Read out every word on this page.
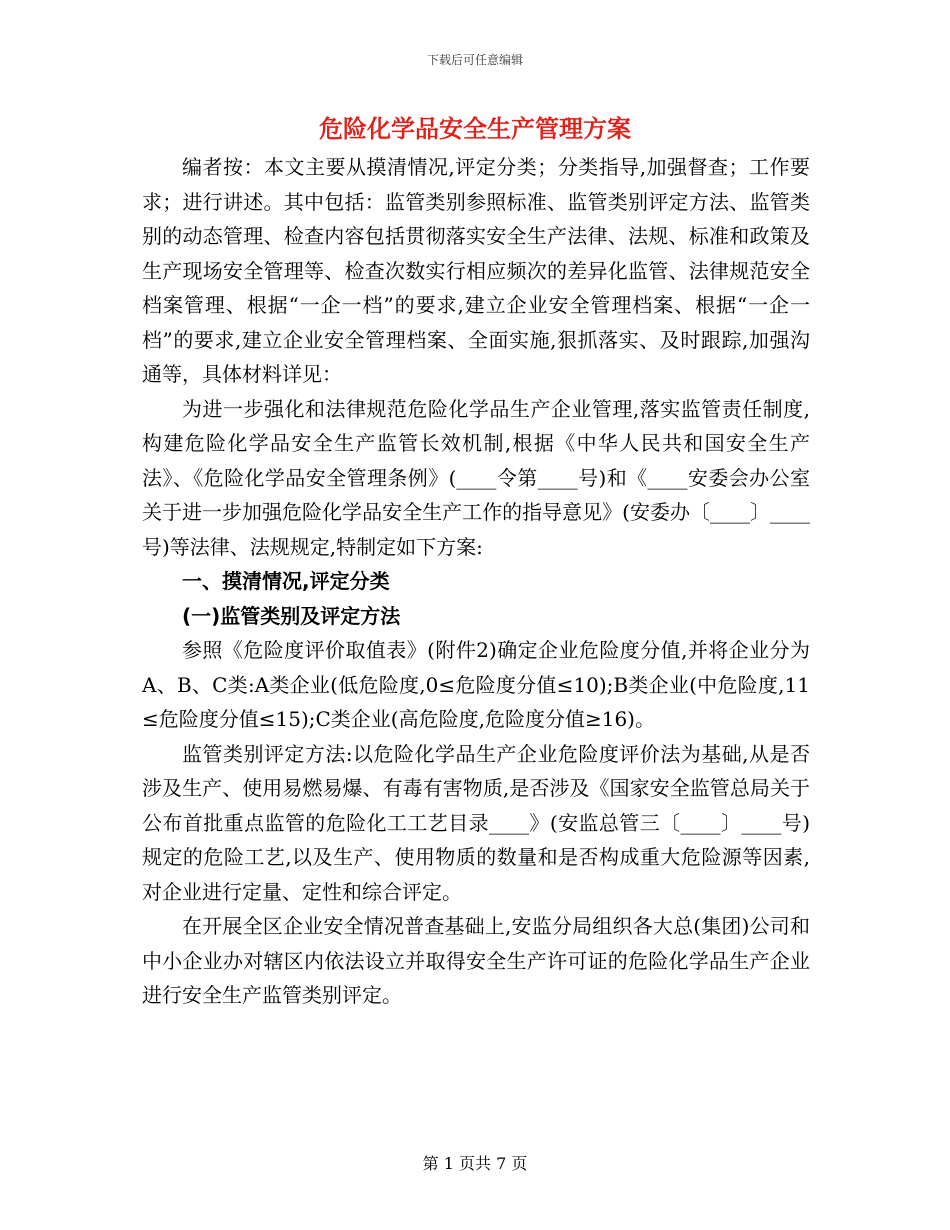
下载后可任意编辑
危险化学品安全生产管理方案

编者按：本文主要从摸清情况,评定分类；分类指导,加强督查；工作要求；进行讲述。其中包括：监管类别参照标准、监管类别评定方法、监管类别的动态管理、检查内容包括贯彻落实安全生产法律、法规、标准和政策及生产现场安全管理等、检查次数实行相应频次的差异化监管、法律规范安全档案管理、根据“一企一档”的要求,建立企业安全管理档案、根据“一企一档”的要求,建立企业安全管理档案、全面实施,狠抓落实、及时跟踪,加强沟通等，具体材料详见：

为进一步强化和法律规范危险化学品生产企业管理,落实监管责任制度,构建危险化学品安全生产监管长效机制,根据《中华人民共和国安全生产法》、《危险化学品安全管理条例》(____令第____号)和《____安委会办公室关于进一步加强危险化学品安全生产工作的指导意见》(安委办〔____〕____号)等法律、法规规定,特制定如下方案:

一、摸清情况,评定分类

(一)监管类别及评定方法

参照《危险度评价取值表》(附件2)确定企业危险度分值,并将企业分为A、B、C类:A类企业(低危险度,0≤危险度分值≤10);B类企业(中危险度,11≤危险度分值≤15);C类企业(高危险度,危险度分值≥16)。

监管类别评定方法:以危险化学品生产企业危险度评价法为基础,从是否涉及生产、使用易燃易爆、有毒有害物质,是否涉及《国家安全监管总局关于公布首批重点监管的危险化工工艺目录____》(安监总管三〔____〕____号)规定的危险工艺,以及生产、使用物质的数量和是否构成重大危险源等因素,对企业进行定量、定性和综合评定。

在开展全区企业安全情况普查基础上,安监分局组织各大总(集团)公司和中小企业办对辖区内依法设立并取得安全生产许可证的危险化学品生产企业进行安全生产监管类别评定。

第 1 页共 7 页
